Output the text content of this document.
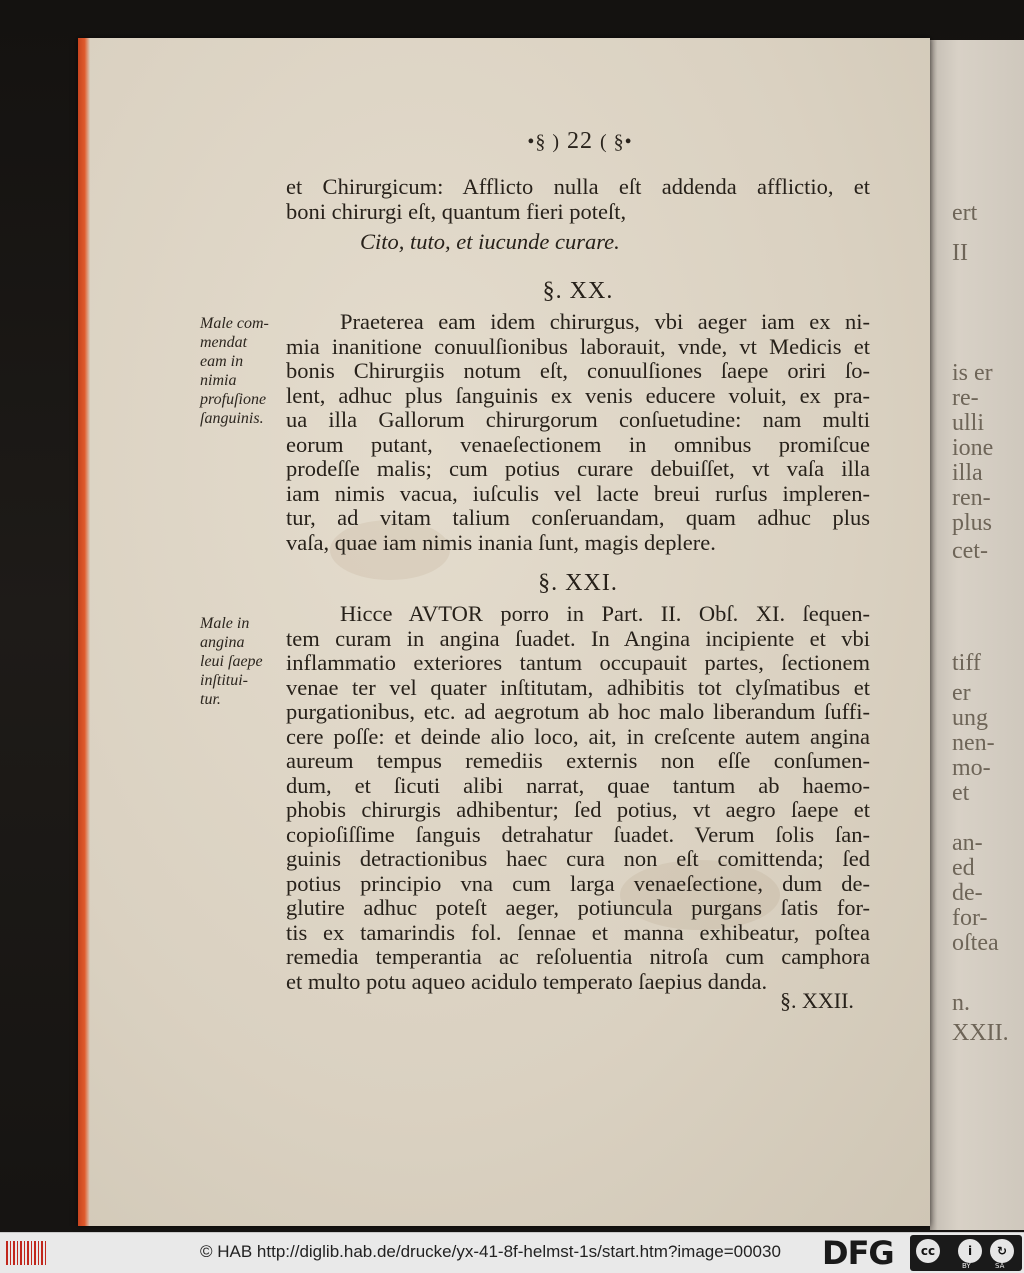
ert
II
is er
re-
ulli
ione
illa
ren-
plus
cet-
tiff
er
ung
nen-
mo-
et
an-
ed
de-
for-
oſtea
n.
XXII.
•§ ) 22 ( §•
et Chirurgicum: Afflicto nulla eſt addenda afflictio, et
boni chirurgi eſt, quantum fieri poteſt,
Cito, tuto, et iucunde curare.
§. XX.
Male com-
mendat
eam in
nimia
profuſione
ſanguinis.
Praeterea eam idem chirurgus, vbi aeger iam ex ni-
mia inanitione conuulſionibus laborauit, vnde, vt Medicis et
bonis Chirurgiis notum eſt, conuulſiones ſaepe oriri ſo-
lent, adhuc plus ſanguinis ex venis educere voluit, ex pra-
ua illa Gallorum chirurgorum conſuetudine: nam multi
eorum putant, venaeſectionem in omnibus promiſcue
prodeſſe malis; cum potius curare debuiſſet, vt vaſa illa
iam nimis vacua, iuſculis vel lacte breui rurſus impleren-
tur, ad vitam talium conſeruandam, quam adhuc plus
vaſa, quae iam nimis inania ſunt, magis deplere.
§. XXI.
Male in
angina
leui ſaepe
inſtitui-
tur.
Hicce AVTOR porro in Part. II. Obſ. XI. ſequen-
tem curam in angina ſuadet. In Angina incipiente et vbi
inflammatio exteriores tantum occupauit partes, ſectionem
venae ter vel quater inſtitutam, adhibitis tot clyſmatibus et
purgationibus, etc. ad aegrotum ab hoc malo liberandum ſuffi-
cere poſſe: et deinde alio loco, ait, in creſcente autem angina
aureum tempus remediis externis non eſſe conſumen-
dum, et ſicuti alibi narrat, quae tantum ab haemo-
phobis chirurgis adhibentur; ſed potius, vt aegro ſaepe et
copioſiſſime ſanguis detrahatur ſuadet. Verum ſolis ſan-
guinis detractionibus haec cura non eſt comittenda; ſed
potius principio vna cum larga venaeſectione, dum de-
glutire adhuc poteſt aeger, potiuncula purgans ſatis for-
tis ex tamarindis fol. ſennae et manna exhibeatur, poſtea
remedia temperantia ac reſoluentia nitroſa cum camphora
et multo potu aqueo acidulo temperato ſaepius danda.
§. XXII.
© HAB http://diglib.hab.de/drucke/yx-41-8f-helmst-1s/start.htm?image=00030 DFG	cc	i	↻
BY	SA
